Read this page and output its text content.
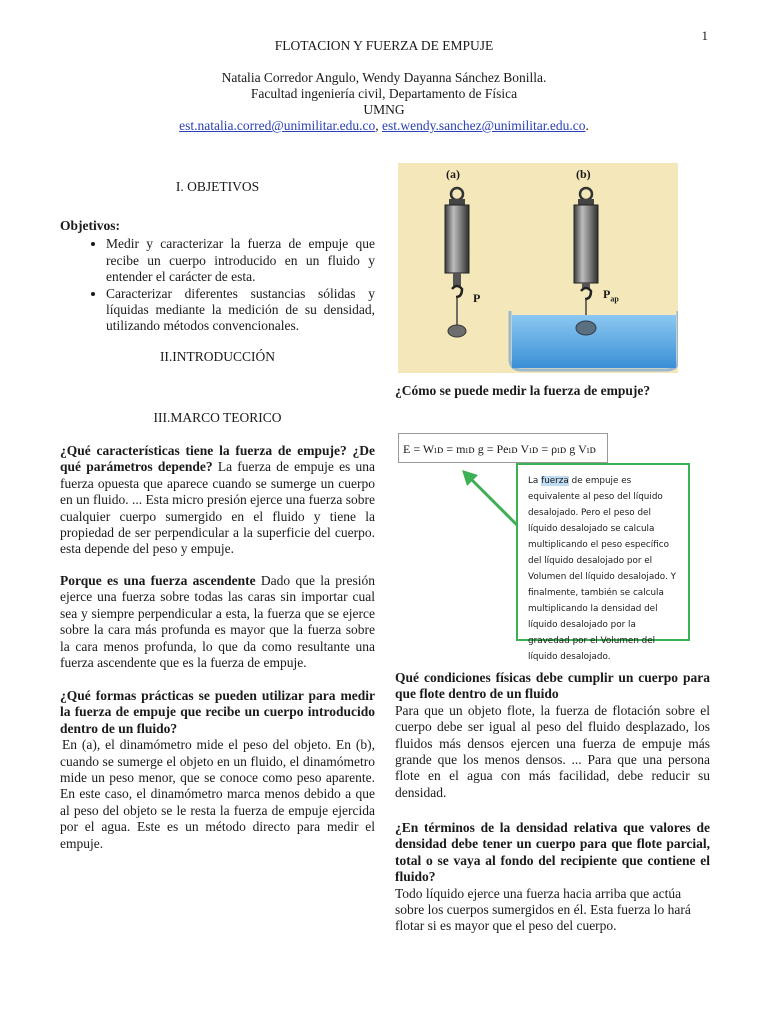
1
FLOTACION Y FUERZA DE EMPUJE
Natalia Corredor Angulo, Wendy Dayanna Sánchez Bonilla.
Facultad ingeniería civil, Departamento de Física
UMNG
est.natalia.corred@unimilitar.edu.co, est.wendy.sanchez@unimilitar.edu.co.
I. OBJETIVOS
Objetivos:
• Medir y caracterizar la fuerza de empuje que recibe un cuerpo introducido en un fluido y entender el carácter de esta.
• Caracterizar diferentes sustancias sólidas y líquidas mediante la medición de su densidad, utilizando métodos convencionales.
II.INTRODUCCIÓN
III.MARCO TEORICO
¿Qué características tiene la fuerza de empuje? ¿De qué parámetros depende? La fuerza de empuje es una fuerza opuesta que aparece cuando se sumerge un cuerpo en un fluido. ... Esta micro presión ejerce una fuerza sobre cualquier cuerpo sumergido en el fluido y tiene la propiedad de ser perpendicular a la superficie del cuerpo. esta depende del peso y empuje.
Porque es una fuerza ascendente Dado que la presión ejerce una fuerza sobre todas las caras sin importar cual sea y siempre perpendicular a esta, la fuerza que se ejerce sobre la cara más profunda es mayor que la fuerza sobre la cara menos profunda, lo que da como resultante una fuerza ascendente que es la fuerza de empuje.
¿Qué formas prácticas se pueden utilizar para medir la fuerza de empuje que recibe un cuerpo introducido dentro de un fluido?
En (a), el dinamómetro mide el peso del objeto. En (b), cuando se sumerge el objeto en un fluido, el dinamómetro mide un peso menor, que se conoce como peso aparente. En este caso, el dinamómetro marca menos debido a que al peso del objeto se le resta la fuerza de empuje ejercida por el agua. Este es un método directo para medir el empuje.
(a)	(b)
P	$P_{ap}$
¿Cómo se puede medir la fuerza de empuje?
E = Wₗᴅ = mₗᴅ g = Peₗᴅ Vₗᴅ = ρₗᴅ g Vₗᴅ
La fuerza de empuje es equivalente al peso del líquido desalojado. Pero el peso del líquido desalojado se calcula multiplicando el peso específico del líquido desalojado por el Volumen del líquido desalojado. Y finalmente, también se calcula multiplicando la densidad del líquido desalojado por la gravedad por el Volumen del líquido desalojado.
Qué condiciones físicas debe cumplir un cuerpo para que flote dentro de un fluido
Para que un objeto flote, la fuerza de flotación sobre el cuerpo debe ser igual al peso del fluido desplazado, los fluidos más densos ejercen una fuerza de empuje más grande que los menos densos. ... Para que una persona flote en el agua con más facilidad, debe reducir su densidad.
¿En términos de la densidad relativa que valores de densidad debe tener un cuerpo para que flote parcial, total o se vaya al fondo del recipiente que contiene el fluido?
Todo líquido ejerce una fuerza hacia arriba que actúa sobre los cuerpos sumergidos en él. Esta fuerza lo hará flotar si es mayor que el peso del cuerpo.
